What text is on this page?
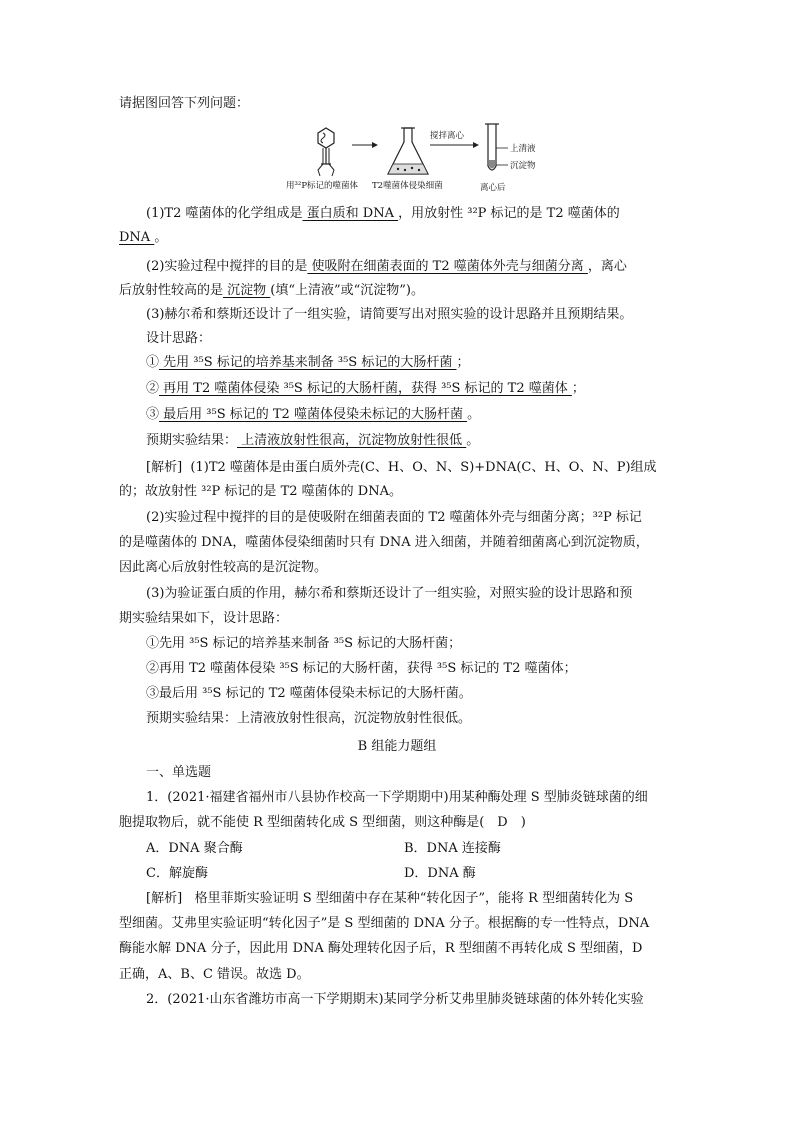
请据图回答下列问题：
搅拌离心
上清液
沉淀物
用³²P标记的噬菌体 T2噬菌体侵染细菌	离心后
(1)T2 噬菌体的化学组成是 蛋白质和 DNA ，用放射性 ³²P 标记的是 T2 噬菌体的
DNA 。
(2)实验过程中搅拌的目的是 使吸附在细菌表面的 T2 噬菌体外壳与细菌分离 ，离心
后放射性较高的是 沉淀物 (填“上清液”或“沉淀物”)。
(3)赫尔希和蔡斯还设计了一组实验，请简要写出对照实验的设计思路并且预期结果。
设计思路：
① 先用 ³⁵S 标记的培养基来制备 ³⁵S 标记的大肠杆菌 ；
② 再用 T2 噬菌体侵染 ³⁵S 标记的大肠杆菌，获得 ³⁵S 标记的 T2 噬菌体 ；
③ 最后用 ³⁵S 标记的 T2 噬菌体侵染未标记的大肠杆菌 。
预期实验结果： 上清液放射性很高，沉淀物放射性很低 。
[解析] (1)T2 噬菌体是由蛋白质外壳(C、H、O、N、S)+DNA(C、H、O、N、P)组成
的；故放射性 ³²P 标记的是 T2 噬菌体的 DNA。
(2)实验过程中搅拌的目的是使吸附在细菌表面的 T2 噬菌体外壳与细菌分离；³²P 标记
的是噬菌体的 DNA，噬菌体侵染细菌时只有 DNA 进入细菌，并随着细菌离心到沉淀物质，
因此离心后放射性较高的是沉淀物。
(3)为验证蛋白质的作用，赫尔希和蔡斯还设计了一组实验，对照实验的设计思路和预
期实验结果如下，设计思路：
①先用 ³⁵S 标记的培养基来制备 ³⁵S 标记的大肠杆菌；
②再用 T2 噬菌体侵染 ³⁵S 标记的大肠杆菌，获得 ³⁵S 标记的 T2 噬菌体；
③最后用 ³⁵S 标记的 T2 噬菌体侵染未标记的大肠杆菌。
预期实验结果：上清液放射性很高，沉淀物放射性很低。
B 组能力题组
一、单选题
1．(2021·福建省福州市八县协作校高一下学期期中)用某种酶处理 S 型肺炎链球菌的细
胞提取物后，就不能使 R 型细菌转化成 S 型细菌，则这种酶是(　D　)
A．DNA 聚合酶	B．DNA 连接酶
C．解旋酶	D．DNA 酶
[解析] 格里菲斯实验证明 S 型细菌中存在某种“转化因子”，能将 R 型细菌转化为 S
型细菌。艾弗里实验证明“转化因子”是 S 型细菌的 DNA 分子。根据酶的专一性特点，DNA
酶能水解 DNA 分子，因此用 DNA 酶处理转化因子后，R 型细菌不再转化成 S 型细菌，D
正确，A、B、C 错误。故选 D。
2．(2021·山东省潍坊市高一下学期期末)某同学分析艾弗里肺炎链球菌的体外转化实验
